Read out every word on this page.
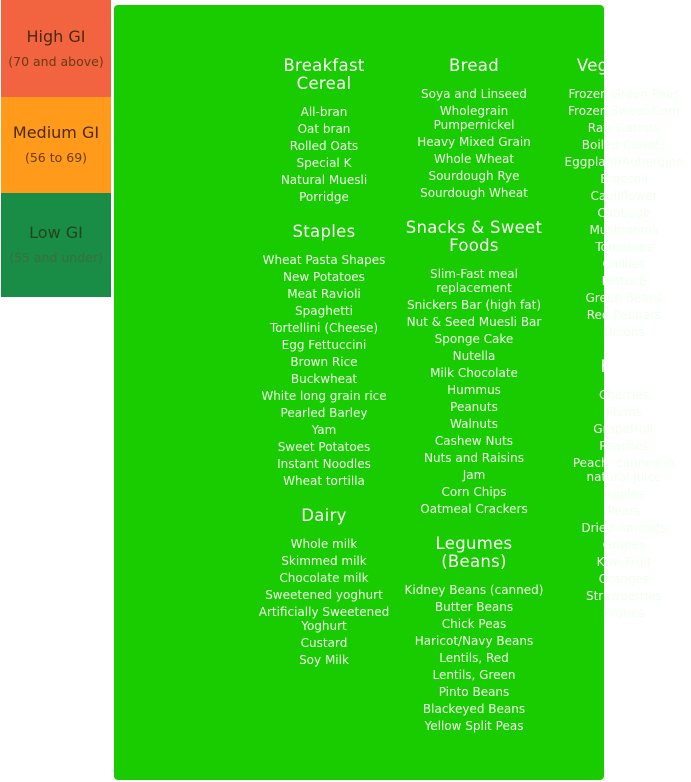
High GI
(70 and above)
Medium GI
(56 to 69)
Low GI
(55 and under)
Breakfast Cereal
All-bran
Oat bran
Rolled Oats
Special K
Natural Muesli
Porridge
Staples
Wheat Pasta Shapes
New Potatoes
Meat Ravioli
Spaghetti
Tortellini (Cheese)
Egg Fettuccini
Brown Rice
Buckwheat
White long grain rice
Pearled Barley
Yam
Sweet Potatoes
Instant Noodles
Wheat tortilla
Dairy
Whole milk
Skimmed milk
Chocolate milk
Sweetened yoghurt
Artificially Sweetened Yoghurt
Custard
Soy Milk
Bread
Soya and Linseed
Wholegrain Pumpernickel
Heavy Mixed Grain
Whole Wheat
Sourdough Rye
Sourdough Wheat
Snacks & Sweet Foods
Slim-Fast meal replacement
Snickers Bar (high fat)
Nut & Seed Muesli Bar
Sponge Cake
Nutella
Milk Chocolate
Hummus
Peanuts
Walnuts
Cashew Nuts
Nuts and Raisins
Jam
Corn Chips
Oatmeal Crackers
Legumes (Beans)
Kidney Beans (canned)
Butter Beans
Chick Peas
Haricot/Navy Beans
Lentils, Red
Lentils, Green
Pinto Beans
Blackeyed Beans
Yellow Split Peas
Vegetables
Frozen Green Peas
Frozen Sweet Corn
Raw Carrots
Boiled Carrots
Eggplant/Aubergine
Broccoli
Cauliflower
Cabbage
Mushrooms
Tomatoes
Chillies
Lettuce
Green Beans
Red Peppers
Onions
Fruits
Cherries
Plums
Grapefruit
Peaches
Peach, canned in natural juice
Apples
Pears
Dried Apricots
Grapes
Kiwi Fruit
Oranges
Strawberries
Prunes
